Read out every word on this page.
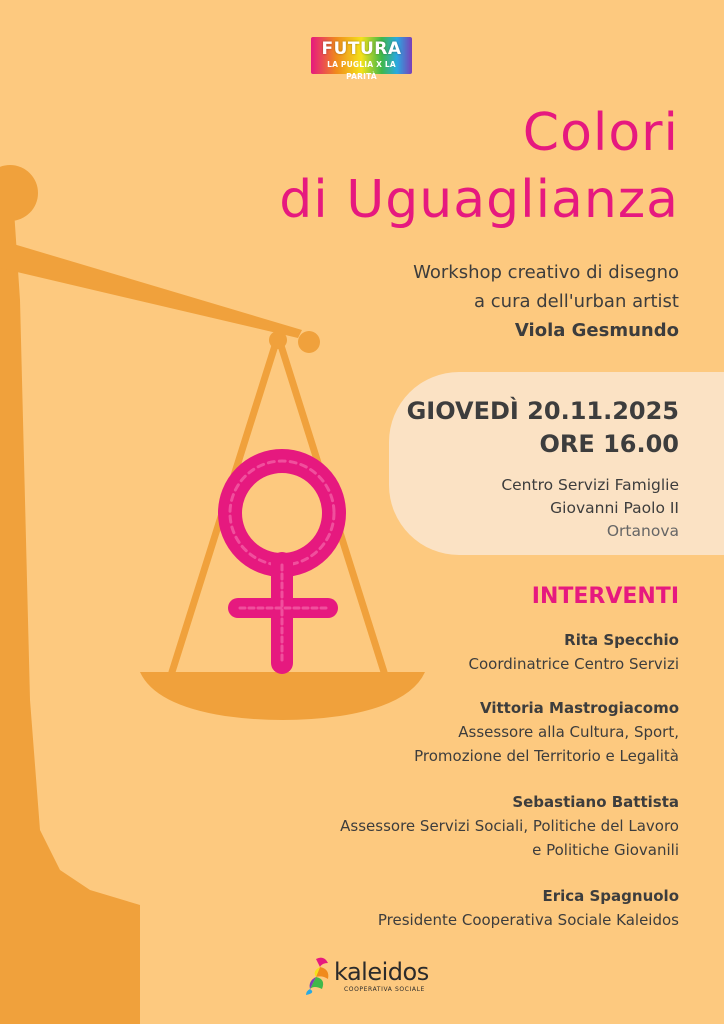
FUTURA
LA PUGLIA X LA PARITÀ
Colori
di Uguaglianza
Workshop creativo di disegno
a cura dell'urban artist
Viola Gesmundo
GIOVEDÌ 20.11.2025
ORE 16.00
Centro Servizi Famiglie
Giovanni Paolo II
Ortanova
INTERVENTI
Rita Specchio
Coordinatrice Centro Servizi
Vittoria Mastrogiacomo
Assessore alla Cultura, Sport,
Promozione del Territorio e Legalità
Sebastiano Battista
Assessore Servizi Sociali, Politiche del Lavoro
e Politiche Giovanili
Erica Spagnuolo
Presidente Cooperativa Sociale Kaleidos
kaleidos
COOPERATIVA SOCIALE
